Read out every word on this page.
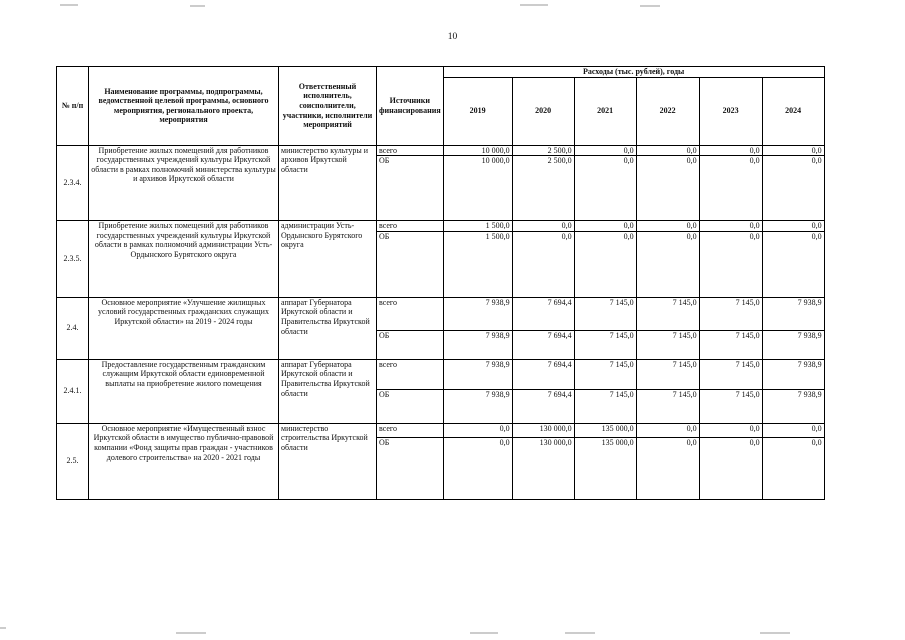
10
№ п/п	Наименование программы, подпрограммы, ведомственной целевой программы, основного мероприятия, регионального проекта, мероприятия	Ответственный исполнитель, соисполнители, участники, исполнители мероприятий	Источники финансирования	Расходы (тыс. рублей), годы					
				2019	2020	2021	2022	2023	2024
2.3.4.	Приобретение жилых помещений для работников государственных учреждений культуры Иркутской области в рамках полномочий министерства культуры и архивов Иркутской области	министерство культуры и архивов Иркутской области	всего	10 000,0	2 500,0	0,0	0,0	0,0	0,0
			ОБ	10 000,0	2 500,0	0,0	0,0	0,0	0,0
2.3.5.	Приобретение жилых помещений для работников государственных учреждений культуры Иркутской области в рамках полномочий администрации Усть-Ордынского Бурятского округа	администрации Усть-Ордынского Бурятского округа	всего	1 500,0	0,0	0,0	0,0	0,0	0,0
			ОБ	1 500,0	0,0	0,0	0,0	0,0	0,0
2.4.	Основное мероприятие «Улучшение жилищных условий государственных гражданских служащих Иркутской области» на 2019 - 2024 годы	аппарат Губернатора Иркутской области и Правительства Иркутской области	всего	7 938,9	7 694,4	7 145,0	7 145,0	7 145,0	7 938,9
			ОБ	7 938,9	7 694,4	7 145,0	7 145,0	7 145,0	7 938,9
2.4.1.	Предоставление государственным гражданским служащим Иркутской области единовременной выплаты на приобретение жилого помещения	аппарат Губернатора Иркутской области и Правительства Иркутской области	всего	7 938,9	7 694,4	7 145,0	7 145,0	7 145,0	7 938,9
			ОБ	7 938,9	7 694,4	7 145,0	7 145,0	7 145,0	7 938,9
2.5.	Основное мероприятие «Имущественный взнос Иркутской области в имущество публично-правовой компании «Фонд защиты прав граждан - участников долевого строительства» на 2020 - 2021 годы	министерство строительства Иркутской области	всего	0,0	130 000,0	135 000,0	0,0	0,0	0,0
			ОБ	0,0	130 000,0	135 000,0	0,0	0,0	0,0
